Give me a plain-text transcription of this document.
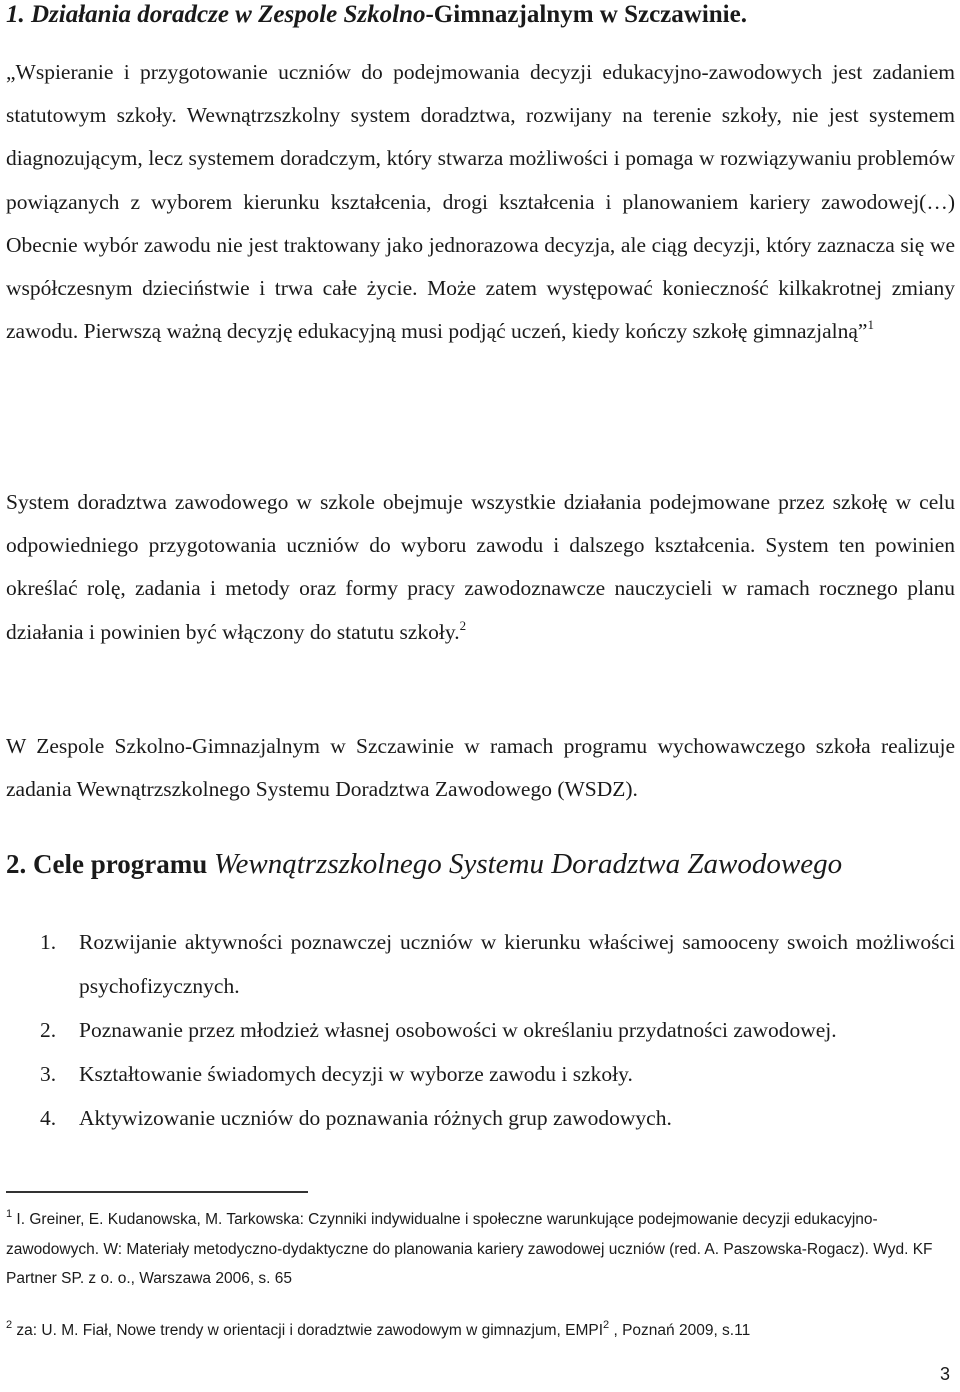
1. Działania doradcze w Zespole Szkolno-Gimnazjalnym w Szczawinie.

„Wspieranie i przygotowanie uczniów do podejmowania decyzji edukacyjno-zawodowych jest zadaniem statutowym szkoły. Wewnątrzszkolny system doradztwa, rozwijany na terenie szkoły, nie jest systemem diagnozującym, lecz systemem doradczym, który stwarza możliwości i pomaga w rozwiązywaniu problemów powiązanych z wyborem kierunku kształcenia, drogi kształcenia i planowaniem kariery zawodowej(…) Obecnie wybór zawodu nie jest traktowany jako jednorazowa decyzja, ale ciąg decyzji, który zaznacza się we współczesnym dzieciństwie i trwa całe życie. Może zatem występować konieczność kilkakrotnej zmiany zawodu. Pierwszą ważną decyzję edukacyjną musi podjąć uczeń, kiedy kończy szkołę gimnazjalną”$^1$

System doradztwa zawodowego w szkole obejmuje wszystkie działania podejmowane przez szkołę w celu odpowiedniego przygotowania uczniów do wyboru zawodu i dalszego kształcenia. System ten powinien określać rolę, zadania i metody oraz formy pracy zawodoznawcze nauczycieli w ramach rocznego planu działania i powinien być włączony do statutu szkoły.$^2$

W Zespole Szkolno-Gimnazjalnym w Szczawinie w ramach programu wychowawczego szkoła realizuje zadania Wewnątrzszkolnego Systemu Doradztwa Zawodowego (WSDZ).

2. Cele programu Wewnątrzszkolnego Systemu Doradztwa Zawodowego
1. Rozwijanie aktywności poznawczej uczniów w kierunku właściwej samooceny swoich możliwości psychofizycznych.
2. Poznawanie przez młodzież własnej osobowości w określaniu przydatności zawodowej.
3. Kształtowanie świadomych decyzji w wyborze zawodu i szkoły.
4. Aktywizowanie uczniów do poznawania różnych grup zawodowych.

$^1$ I. Greiner, E. Kudanowska, M. Tarkowska: Czynniki indywidualne i społeczne warunkujące podejmowanie decyzji edukacyjno-zawodowych. W: Materiały metodyczno-dydaktyczne do planowania kariery zawodowej uczniów (red. A. Paszowska-Rogacz). Wyd. KF Partner SP. z o. o., Warszawa 2006, s. 65

$^2$ za: U. M. Fiał, Nowe trendy w orientacji i doradztwie zawodowym w gimnazjum, EMPI$^2$ , Poznań 2009, s.11

3
